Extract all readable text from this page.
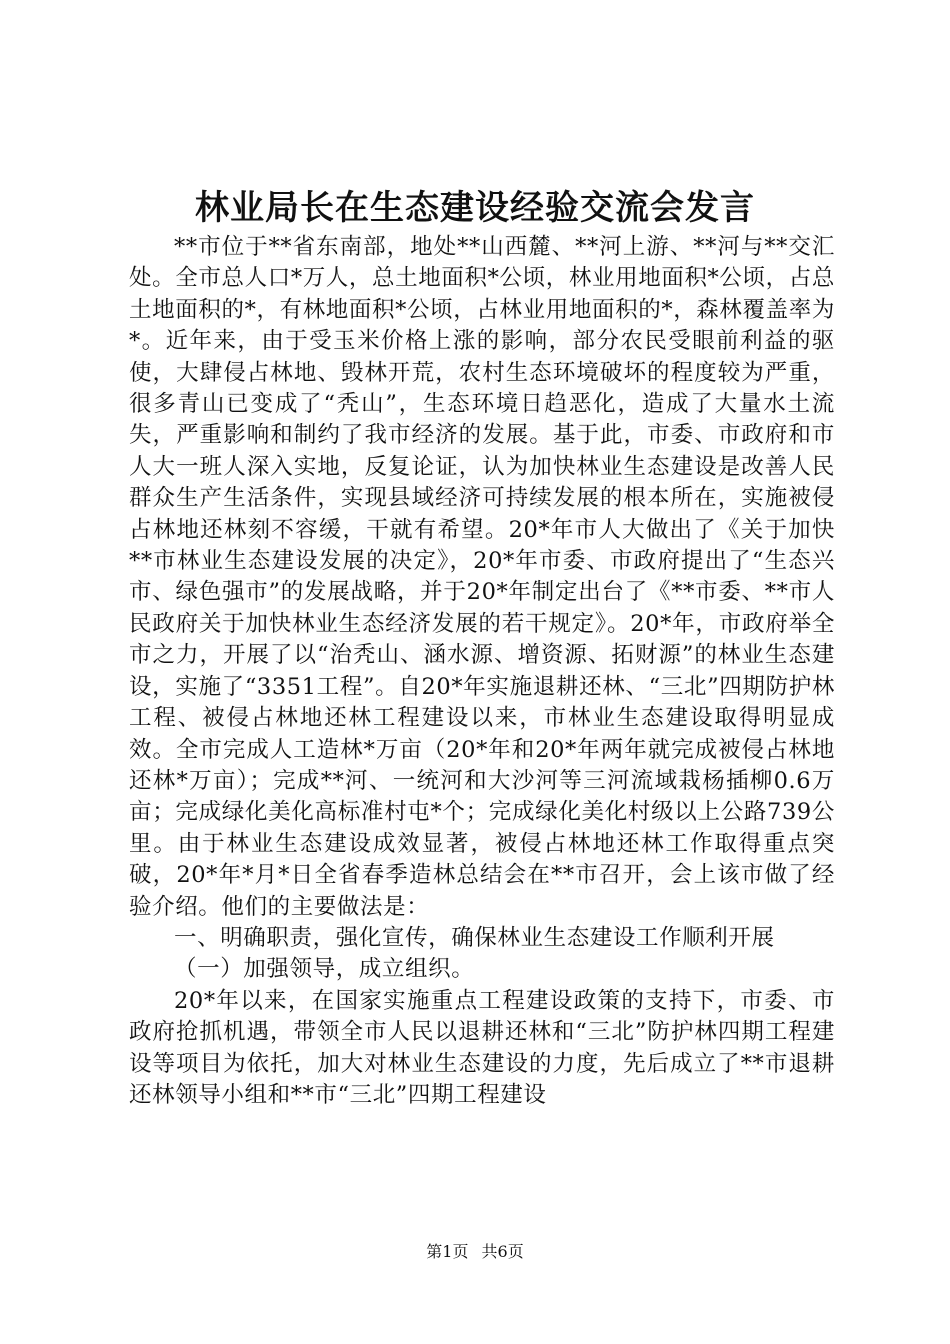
林业局长在生态建设经验交流会发言

**市位于**省东南部，地处**山西麓、**河上游、**河与**交汇处。全市总人口*万人，总土地面积*公顷，林业用地面积*公顷，占总土地面积的*，有林地面积*公顷，占林业用地面积的*，森林覆盖率为*。近年来，由于受玉米价格上涨的影响，部分农民受眼前利益的驱使，大肆侵占林地、毁林开荒，农村生态环境破坏的程度较为严重，很多青山已变成了“秃山”，生态环境日趋恶化，造成了大量水土流失，严重影响和制约了我市经济的发展。基于此，市委、市政府和市人大一班人深入实地，反复论证，认为加快林业生态建设是改善人民群众生产生活条件，实现县域经济可持续发展的根本所在，实施被侵占林地还林刻不容缓，干就有希望。20*年市人大做出了《关于加快**市林业生态建设发展的决定》，20*年市委、市政府提出了“生态兴市、绿色强市”的发展战略，并于20*年制定出台了《**市委、**市人民政府关于加快林业生态经济发展的若干规定》。20*年，市政府举全市之力，开展了以“治秃山、涵水源、增资源、拓财源”的林业生态建设，实施了“3351工程”。自20*年实施退耕还林、“三北”四期防护林工程、被侵占林地还林工程建设以来，市林业生态建设取得明显成效。全市完成人工造林*万亩（20*年和20*年两年就完成被侵占林地还林*万亩）；完成**河、一统河和大沙河等三河流域栽杨插柳0.6万亩；完成绿化美化高标准村屯*个；完成绿化美化村级以上公路739公里。由于林业生态建设成效显著，被侵占林地还林工作取得重点突破，20*年*月*日全省春季造林总结会在**市召开，会上该市做了经验介绍。他们的主要做法是：

一、明确职责，强化宣传，确保林业生态建设工作顺利开展

（一）加强领导，成立组织。

20*年以来，在国家实施重点工程建设政策的支持下，市委、市政府抢抓机遇，带领全市人民以退耕还林和“三北”防护林四期工程建设等项目为依托，加大对林业生态建设的力度，先后成立了**市退耕还林领导小组和**市“三北”四期工程建设

第1页 共6页
